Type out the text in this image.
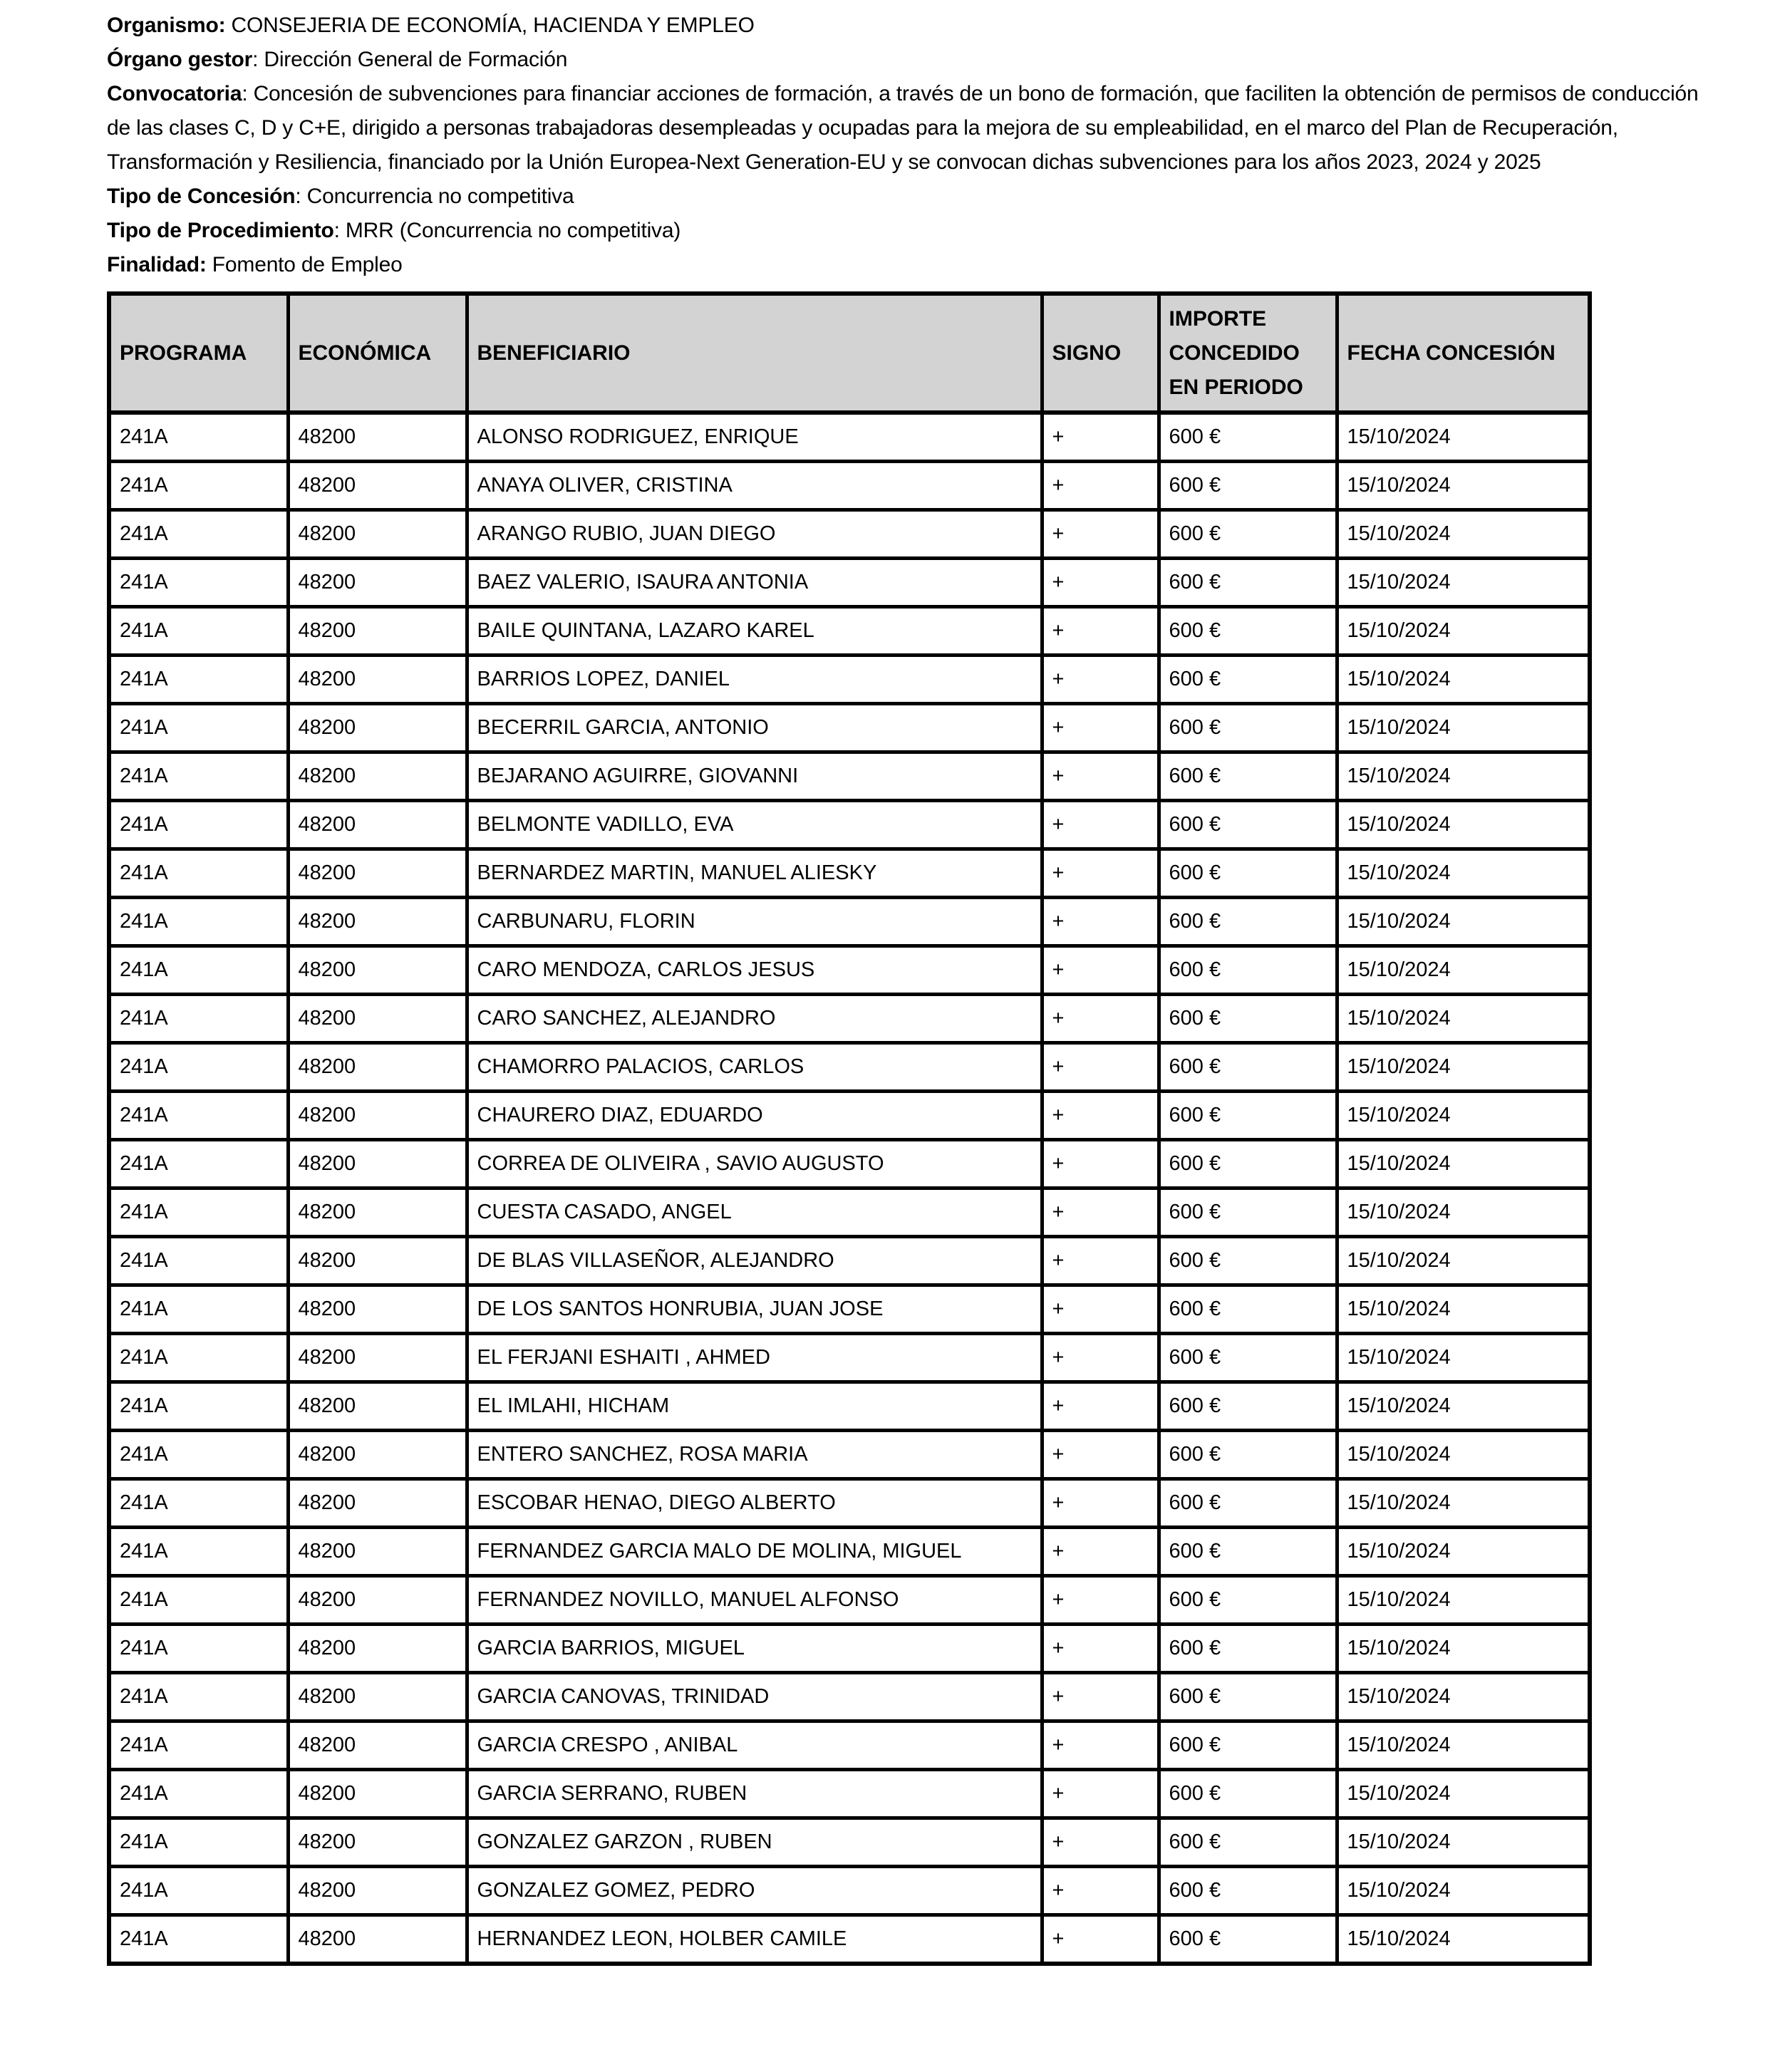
Organismo: CONSEJERIA DE ECONOMÍA, HACIENDA Y EMPLEO

Órgano gestor: Dirección General de Formación

Convocatoria: Concesión de subvenciones para financiar acciones de formación, a través de un bono de formación, que faciliten la obtención de permisos de conducción de las clases C, D y C+E, dirigido a personas trabajadoras desempleadas y ocupadas para la mejora de su empleabilidad, en el marco del Plan de Recuperación, Transformación y Resiliencia, financiado por la Unión Europea-Next Generation-EU y se convocan dichas subvenciones para los años 2023, 2024 y 2025

Tipo de Concesión: Concurrencia no competitiva

Tipo de Procedimiento: MRR (Concurrencia no competitiva)

Finalidad: Fomento de Empleo

PROGRAMA	ECONÓMICA	BENEFICIARIO	SIGNO	IMPORTE CONCEDIDO EN PERIODO	FECHA CONCESIÓN
241A	48200	ALONSO RODRIGUEZ, ENRIQUE	+	600 €	15/10/2024
241A	48200	ANAYA OLIVER, CRISTINA	+	600 €	15/10/2024
241A	48200	ARANGO RUBIO, JUAN DIEGO	+	600 €	15/10/2024
241A	48200	BAEZ VALERIO, ISAURA ANTONIA	+	600 €	15/10/2024
241A	48200	BAILE QUINTANA, LAZARO KAREL	+	600 €	15/10/2024
241A	48200	BARRIOS LOPEZ, DANIEL	+	600 €	15/10/2024
241A	48200	BECERRIL GARCIA, ANTONIO	+	600 €	15/10/2024
241A	48200	BEJARANO AGUIRRE, GIOVANNI	+	600 €	15/10/2024
241A	48200	BELMONTE VADILLO, EVA	+	600 €	15/10/2024
241A	48200	BERNARDEZ MARTIN, MANUEL ALIESKY	+	600 €	15/10/2024
241A	48200	CARBUNARU, FLORIN	+	600 €	15/10/2024
241A	48200	CARO MENDOZA, CARLOS JESUS	+	600 €	15/10/2024
241A	48200	CARO SANCHEZ, ALEJANDRO	+	600 €	15/10/2024
241A	48200	CHAMORRO PALACIOS, CARLOS	+	600 €	15/10/2024
241A	48200	CHAURERO DIAZ, EDUARDO	+	600 €	15/10/2024
241A	48200	CORREA DE OLIVEIRA , SAVIO AUGUSTO	+	600 €	15/10/2024
241A	48200	CUESTA CASADO, ANGEL	+	600 €	15/10/2024
241A	48200	DE BLAS VILLASEÑOR, ALEJANDRO	+	600 €	15/10/2024
241A	48200	DE LOS SANTOS HONRUBIA, JUAN JOSE	+	600 €	15/10/2024
241A	48200	EL FERJANI ESHAITI , AHMED	+	600 €	15/10/2024
241A	48200	EL IMLAHI, HICHAM	+	600 €	15/10/2024
241A	48200	ENTERO SANCHEZ, ROSA MARIA	+	600 €	15/10/2024
241A	48200	ESCOBAR HENAO, DIEGO ALBERTO	+	600 €	15/10/2024
241A	48200	FERNANDEZ GARCIA MALO DE MOLINA, MIGUEL	+	600 €	15/10/2024
241A	48200	FERNANDEZ NOVILLO, MANUEL ALFONSO	+	600 €	15/10/2024
241A	48200	GARCIA BARRIOS, MIGUEL	+	600 €	15/10/2024
241A	48200	GARCIA CANOVAS, TRINIDAD	+	600 €	15/10/2024
241A	48200	GARCIA CRESPO , ANIBAL	+	600 €	15/10/2024
241A	48200	GARCIA SERRANO, RUBEN	+	600 €	15/10/2024
241A	48200	GONZALEZ GARZON , RUBEN	+	600 €	15/10/2024
241A	48200	GONZALEZ GOMEZ, PEDRO	+	600 €	15/10/2024
241A	48200	HERNANDEZ LEON, HOLBER CAMILE	+	600 €	15/10/2024
